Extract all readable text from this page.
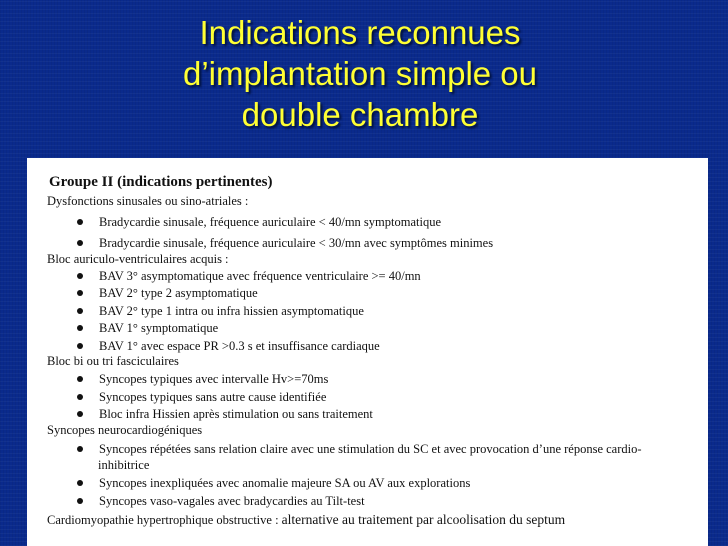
Indications reconnues
d’implantation simple ou
double chambre
Groupe II (indications pertinentes)
Dysfonctions sinusales ou sino-atriales :
Bradycardie sinusale, fréquence auriculaire < 40/mn symptomatique
Bradycardie sinusale, fréquence auriculaire < 30/mn avec symptômes minimes
Bloc auriculo-ventriculaires acquis :
BAV 3° asymptomatique avec fréquence ventriculaire >= 40/mn
BAV 2° type 2 asymptomatique
BAV 2° type 1 intra ou infra hissien asymptomatique
BAV 1° symptomatique
BAV 1° avec espace PR >0.3 s et insuffisance cardiaque
Bloc bi ou tri fasciculaires
Syncopes typiques avec intervalle Hv>=70ms
Syncopes typiques sans autre cause identifiée
Bloc infra Hissien après stimulation ou sans traitement
Syncopes neurocardiogéniques
Syncopes répétées sans relation claire avec une stimulation du SC et avec provocation d’une réponse cardio-
inhibitrice
Syncopes inexpliquées avec anomalie majeure SA ou AV aux explorations
Syncopes vaso-vagales avec bradycardies au Tilt-test
Cardiomyopathie hypertrophique obstructive : alternative au traitement par alcoolisation du septum
